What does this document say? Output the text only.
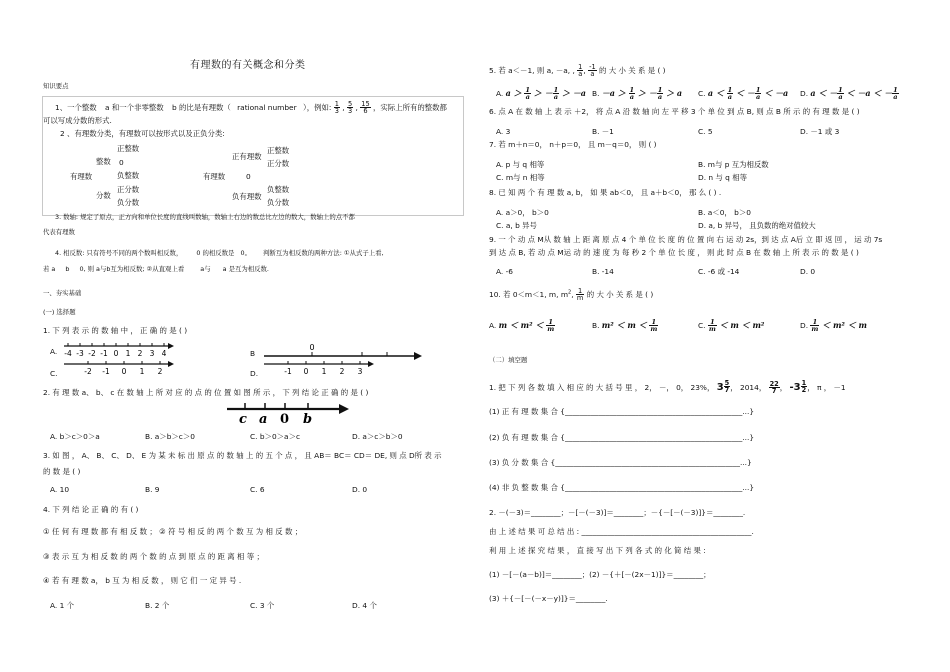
有理数的有关概念和分类
知识要点
1、一个整数 a 和一个非零整数 b 的比是有理数（ rational number ），例如: $\frac{1}{3}$ , $\frac{5}{3}$ , $\frac{15}{6}$ ，实际上所有的整数都
可以写成分数的形式.
2 、有理数分类，有理数可以按形式以及正负分类:
有理数
整数
正整数
0
负整数
分数
正分数
负分数
有理数
正有理数
正整数
正分数
0
负有理数
负整数
负分数
3. 数轴: 规定了原点，正方向和单位长度的直线叫数轴，数轴上右边的数总比左边的数大，数轴上的点不都
代表有理数
4. 相反数: 只有符号不同的两个数叫相反数， 0 的相反数是 0。 判断互为相反数的两种方法: ①从式子上看,
若 a b 0, 则 a与b互为相反数; ②从直观上看	a与 a 是互为相反数.
一、夯实基础
(一) 选择题
1. 下 列 表 示 的 数 轴 中 ， 正 确 的 是 ( )
A.	B
C.	D.
-4 -3 -2 -1 0 1 2 3 4
0
-2 -1 0 1 2	-1 0 1 2 3
2. 有 理 数 a、 b、 c 在 数 轴 上 所 对 应 的 点 的 位 置 如 图 所 示 ， 下 列 结 论 正 确 的 是 ( )
c a 0 b
A. b＞c＞0＞a	B. a＞b＞c＞0	C. b＞0＞a＞c	D. a＞c＞b＞0
3. 如 图 ， A、 B、 C、 D、 E 为 某 未 标 出 原 点 的 数 轴 上 的 五 个 点 ， 且 AB＝ BC＝ CD＝ DE, 则 点 D所 表 示
的 数 是 ( )
A. 10	B. 9	C. 6	D. 0
4. 下 列 结 论 正 确 的 有 ( )
① 任 何 有 理 数 都 有 相 反 数 ； ② 符 号 相 反 的 两 个 数 互 为 相 反 数 ；
③ 表 示 互 为 相 反 数 的 两 个 数 的 点 到 原 点 的 距 离 相 等 ；
④ 若 有 理 数 a， b 互 为 相 反 数 ， 则 它 们 一 定 异 号 .
A. 1 个	B. 2 个	C. 3 个	D. 4 个
5. 若 a＜－1, 则 a, －a, , $\frac{1}{a}$ , $\frac{-1}{a}$ 的 大 小 关 系 是 ( )
A. $a > \frac{1}{a}$ ＞ － $\frac{1}{a} > -a$ B. $-a > \frac{1}{a}$ ＞ － $\frac{1}{a} > a$ C. $a < \frac{1}{a}$ ＜ － $\frac{1}{a} < -a$ D. a ＜ － $\frac{1}{a} < -a$ ＜ － $\frac{1}{a}$
6. 点 A 在 数 轴 上 表 示 ＋2， 将 点 A 沿 数 轴 向 左 平 移 3 个 单 位 到 点 B, 则 点 B 所 示 的 有 理 数 是 ( )
A. 3	B. －1	C. 5	D. －1 或 3
7. 若 m＋n＝0， n＋p＝0， 且 m－q＝0， 则 ( )
A. p 与 q 相等	B. m与 p 互为相反数
C. m与 n 相等	D. n 与 q 相等
8. 已 知 两 个 有 理 数 a, b， 如 果 ab＜0， 且 a＋b＜0， 那 么 ( ) .
A. a＞0， b＞0	B. a＜0， b＞0
C. a, b 异号	D. a, b 异号， 且负数的绝对值较大
9. 一 个 动 点 M从 数 轴 上 距 离 原 点 4 个 单 位 长 度 的 位 置 向 右 运 动 2s，到 达 点 A后 立 即 返 回 ， 运 动 7s
到 达 点 B, 若 动 点 M运 动 的 速 度 为 每 秒 2 个 单 位 长 度 ， 则 此 时 点 B 在 数 轴 上 所 表 示 的 数 是 ( )
A. -6	B. -14	C. -6 或 -14	D. 0
10. 若 0＜m＜1, m, $m^2$, $\frac{1}{m}$ 的 大 小 关 系 是 ( )
A. $m < m^2 < \frac{1}{m}$	B. $m^2 < m < \frac{1}{m}$	C. $\frac{1}{m} < m < m^2$	D. $\frac{1}{m} < m^2 < m$
（二）填空题
1. 把 下 列 各 数 填 入 相 应 的 大 括 号 里 ， 2， －， 0， 23%， $3 \frac{5}{7}$ ， 2014， $\frac{22}{7}$ ， $-3 \frac{1}{2}$ ， π ， －1
(1) 正 有 理 数 集 合 {________________________________________________...}
(2) 负 有 理 数 集 合 {________________________________________________...}
(3) 负 分 数 集 合 {__________________________________________________...}
(4) 非 负 整 数 集 合 {________________________________________________...}
2. －(－3)＝________；－[－(－3)]＝________；－{－[－(－3)]}＝________.
由 上 述 结 果 可 总 结 出 : ______________________________________________.
利 用 上 述 探 究 结 果 ， 直 接 写 出 下 列 各 式 的 化 简 结 果 :
(1) －[－(a－b)]＝________；(2) －{＋[－(2x－1)]}＝________；
(3) ＋{－[－(－x－y)]}＝________.
